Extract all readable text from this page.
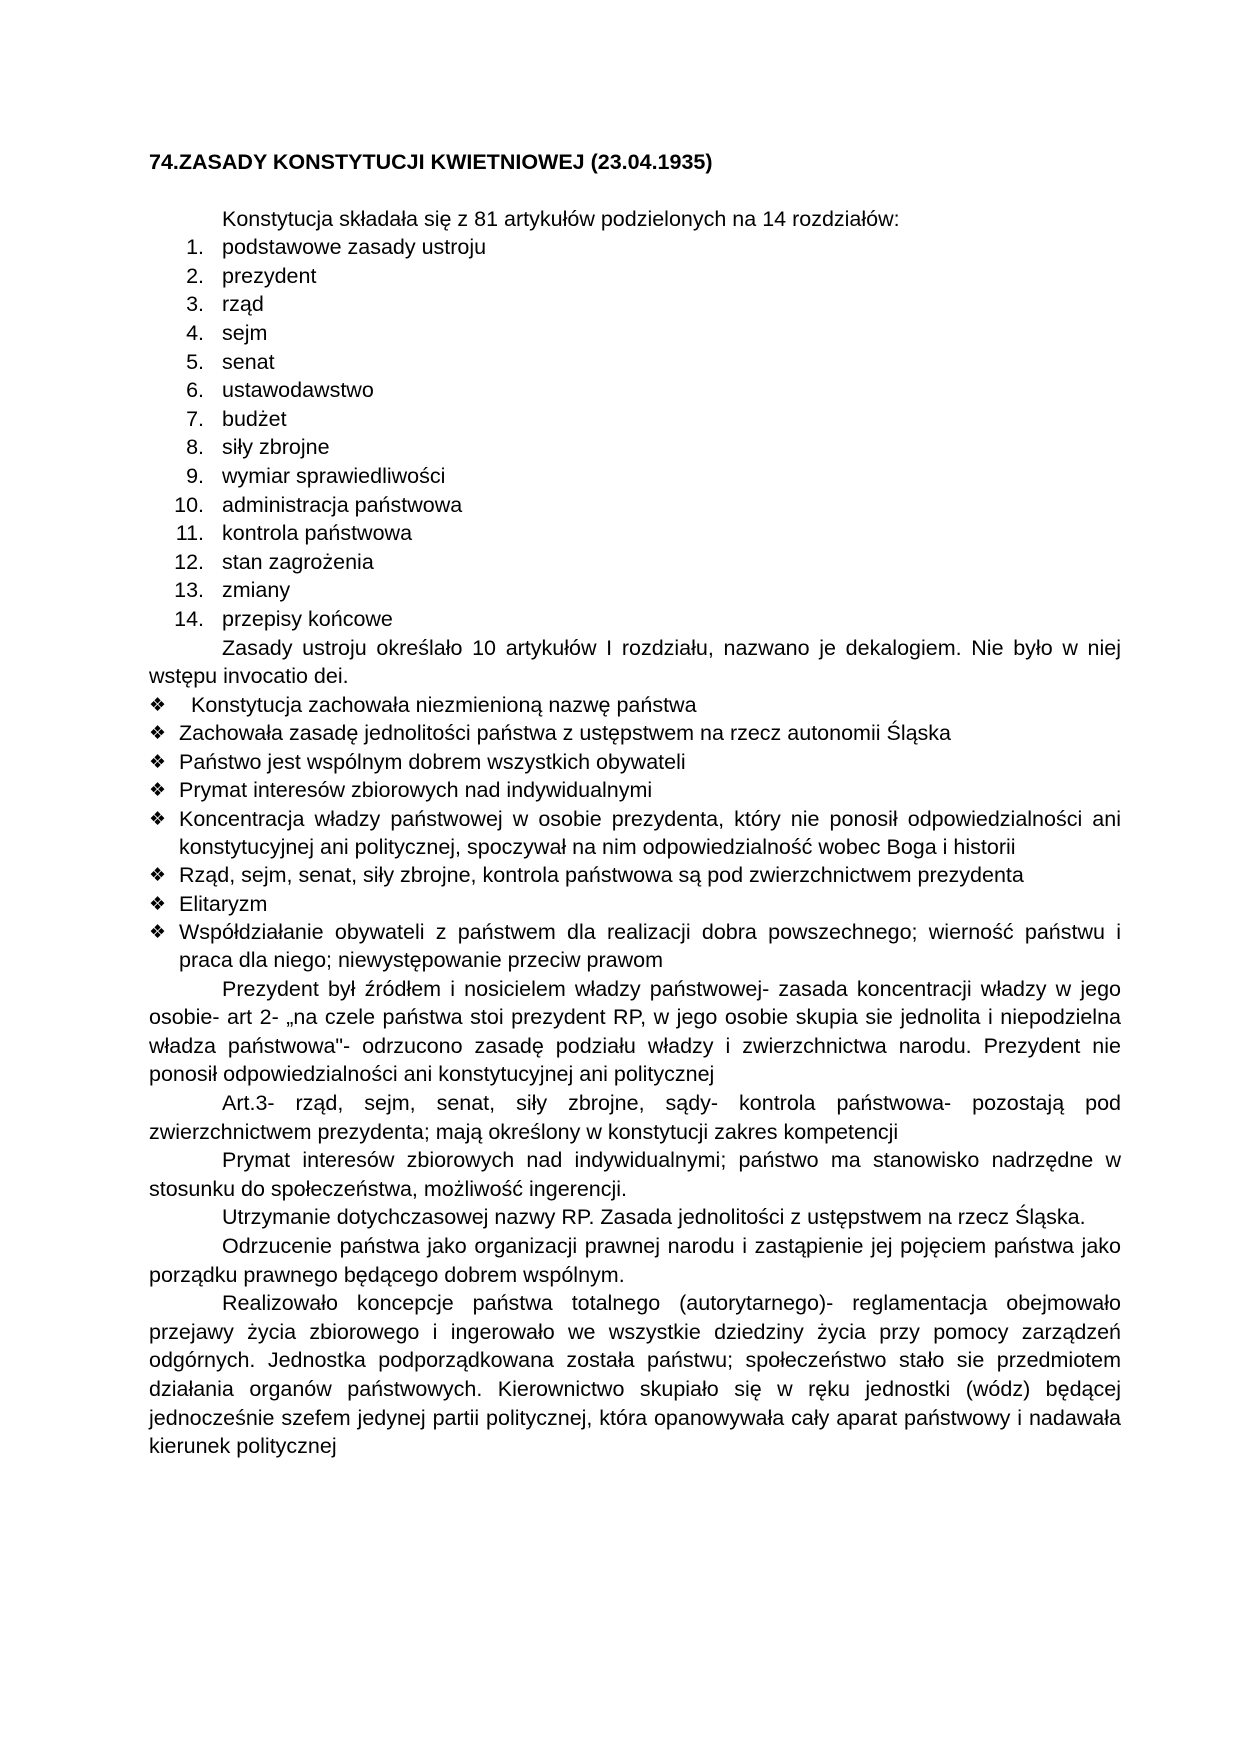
74.ZASADY KONSTYTUCJI KWIETNIOWEJ (23.04.1935)
Konstytucja składała się z 81 artykułów podzielonych na 14 rozdziałów:
1. podstawowe zasady ustroju
2. prezydent
3. rząd
4. sejm
5. senat
6. ustawodawstwo
7. budżet
8. siły zbrojne
9. wymiar sprawiedliwości
10. administracja państwowa
11. kontrola państwowa
12. stan zagrożenia
13. zmiany
14. przepisy końcowe

Zasady ustroju określało 10 artykułów I rozdziału, nazwano je dekalogiem. Nie było w niej wstępu invocatio dei.

❖	Konstytucja zachowała niezmienioną nazwę państwa
❖ Zachowała zasadę jednolitości państwa z ustępstwem na rzecz autonomii Śląska
❖ Państwo jest wspólnym dobrem wszystkich obywateli
❖ Prymat interesów zbiorowych nad indywidualnymi
❖ Koncentracja władzy państwowej w osobie prezydenta, który nie ponosił odpowiedzialności ani konstytucyjnej ani politycznej, spoczywał na nim odpowiedzialność wobec Boga i historii
❖ Rząd, sejm, senat, siły zbrojne, kontrola państwowa są pod zwierzchnictwem prezydenta
❖ Elitaryzm
❖ Współdziałanie obywateli z państwem dla realizacji dobra powszechnego; wierność państwu i praca dla niego; niewystępowanie przeciw prawom

Prezydent był źródłem i nosicielem władzy państwowej- zasada koncentracji władzy w jego osobie- art 2- „na czele państwa stoi prezydent RP, w jego osobie skupia sie jednolita i niepodzielna władza państwowa"- odrzucono zasadę podziału władzy i zwierzchnictwa narodu. Prezydent nie ponosił odpowiedzialności ani konstytucyjnej ani politycznej

Art.3- rząd, sejm, senat, siły zbrojne, sądy- kontrola państwowa- pozostają pod zwierzchnictwem prezydenta; mają określony w konstytucji zakres kompetencji

Prymat interesów zbiorowych nad indywidualnymi; państwo ma stanowisko nadrzędne w stosunku do społeczeństwa, możliwość ingerencji.

Utrzymanie dotychczasowej nazwy RP. Zasada jednolitości z ustępstwem na rzecz Śląska.

Odrzucenie państwa jako organizacji prawnej narodu i zastąpienie jej pojęciem państwa jako porządku prawnego będącego dobrem wspólnym.

Realizowało koncepcje państwa totalnego (autorytarnego)- reglamentacja obejmowało przejawy życia zbiorowego i ingerowało we wszystkie dziedziny życia przy pomocy zarządzeń odgórnych. Jednostka podporządkowana została państwu; społeczeństwo stało sie przedmiotem działania organów państwowych. Kierownictwo skupiało się w ręku jednostki (wódz) będącej jednocześnie szefem jedynej partii politycznej, która opanowywała cały aparat państwowy i nadawała kierunek politycznej
